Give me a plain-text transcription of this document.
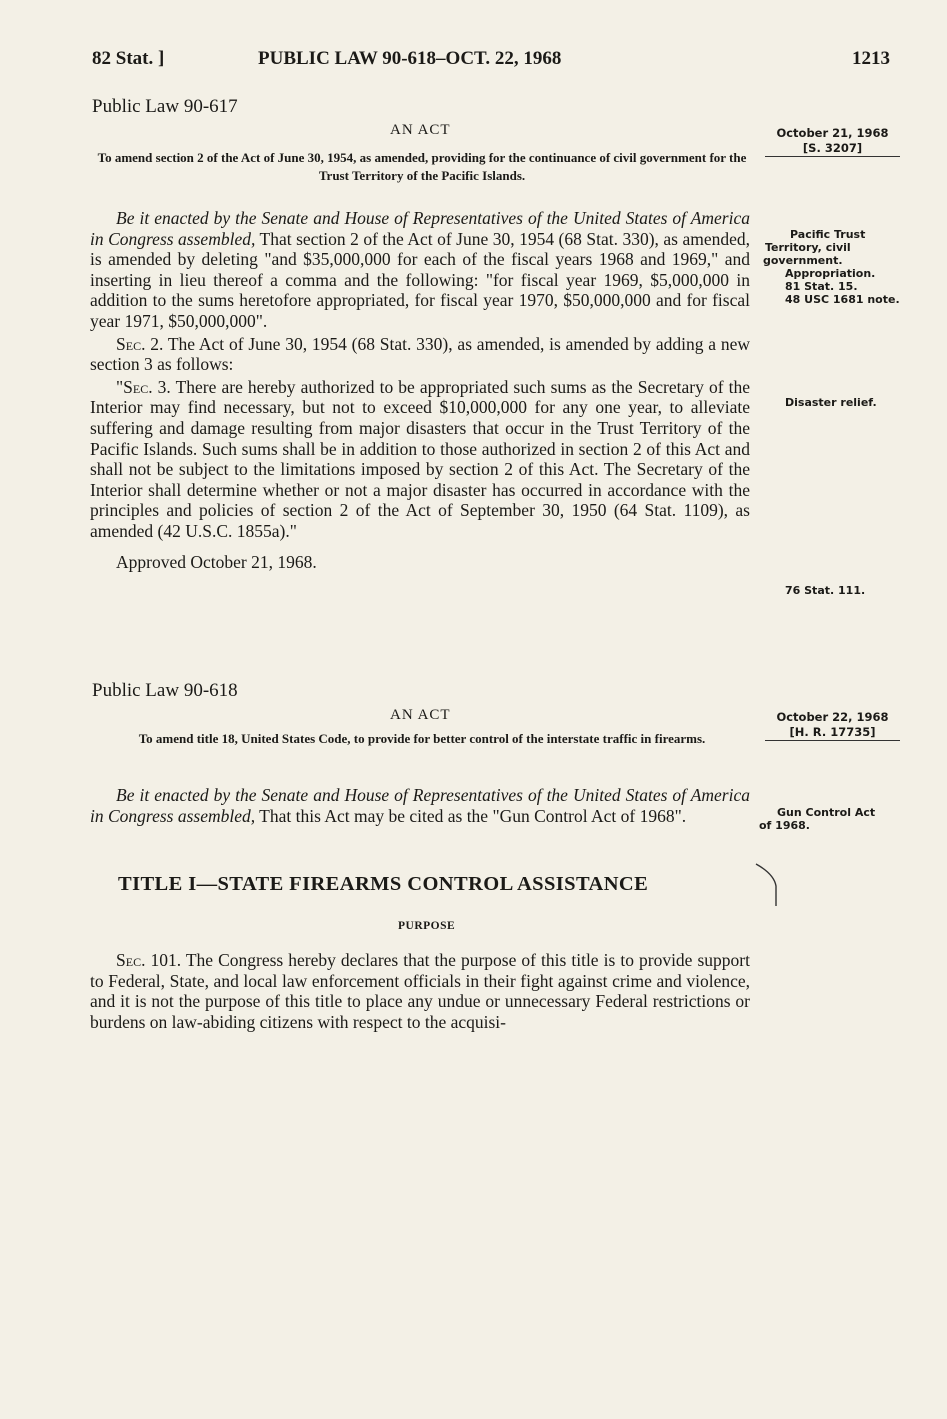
82 Stat. ]	PUBLIC LAW 90-618–OCT. 22, 1968	1213
Public Law 90-617
AN ACT
To amend section 2 of the Act of June 30, 1954, as amended, providing for the continuance of civil government for the Trust Territory of the Pacific Islands.
October 21, 1968
[S. 3207]

Be it enacted by the Senate and House of Representatives of the United States of America in Congress assembled, That section 2 of the Act of June 30, 1954 (68 Stat. 330), as amended, is amended by deleting "and $35,000,000 for each of the fiscal years 1968 and 1969," and inserting in lieu thereof a comma and the following: "for fiscal year 1969, $5,000,000 in addition to the sums heretofore appropriated, for fiscal year 1970, $50,000,000 and for fiscal year 1971, $50,000,000".

Sec. 2. The Act of June 30, 1954 (68 Stat. 330), as amended, is amended by adding a new section 3 as follows:

"Sec. 3. There are hereby authorized to be appropriated such sums as the Secretary of the Interior may find necessary, but not to exceed $10,000,000 for any one year, to alleviate suffering and damage resulting from major disasters that occur in the Trust Territory of the Pacific Islands. Such sums shall be in addition to those authorized in section 2 of this Act and shall not be subject to the limitations imposed by section 2 of this Act. The Secretary of the Interior shall determine whether or not a major disaster has occurred in accordance with the principles and policies of section 2 of the Act of September 30, 1950 (64 Stat. 1109), as amended (42 U.S.C. 1855a)."

Approved October 21, 1968.

Pacific Trust
Territory, civil
government.
Appropriation.
81 Stat. 15.
48 USC 1681 note.
Disaster relief.
76 Stat. 111.
Public Law 90-618
AN ACT
To amend title 18, United States Code, to provide for better control of the interstate traffic in firearms.
October 22, 1968
[H. R. 17735]

Be it enacted by the Senate and House of Representatives of the United States of America in Congress assembled, That this Act may be cited as the "Gun Control Act of 1968".	Gun Control Act
of 1968.
TITLE I—STATE FIREARMS CONTROL ASSISTANCE
PURPOSE

Sec. 101. The Congress hereby declares that the purpose of this title is to provide support to Federal, State, and local law enforcement officials in their fight against crime and violence, and it is not the purpose of this title to place any undue or unnecessary Federal restrictions or burdens on law-abiding citizens with respect to the acquisi-
